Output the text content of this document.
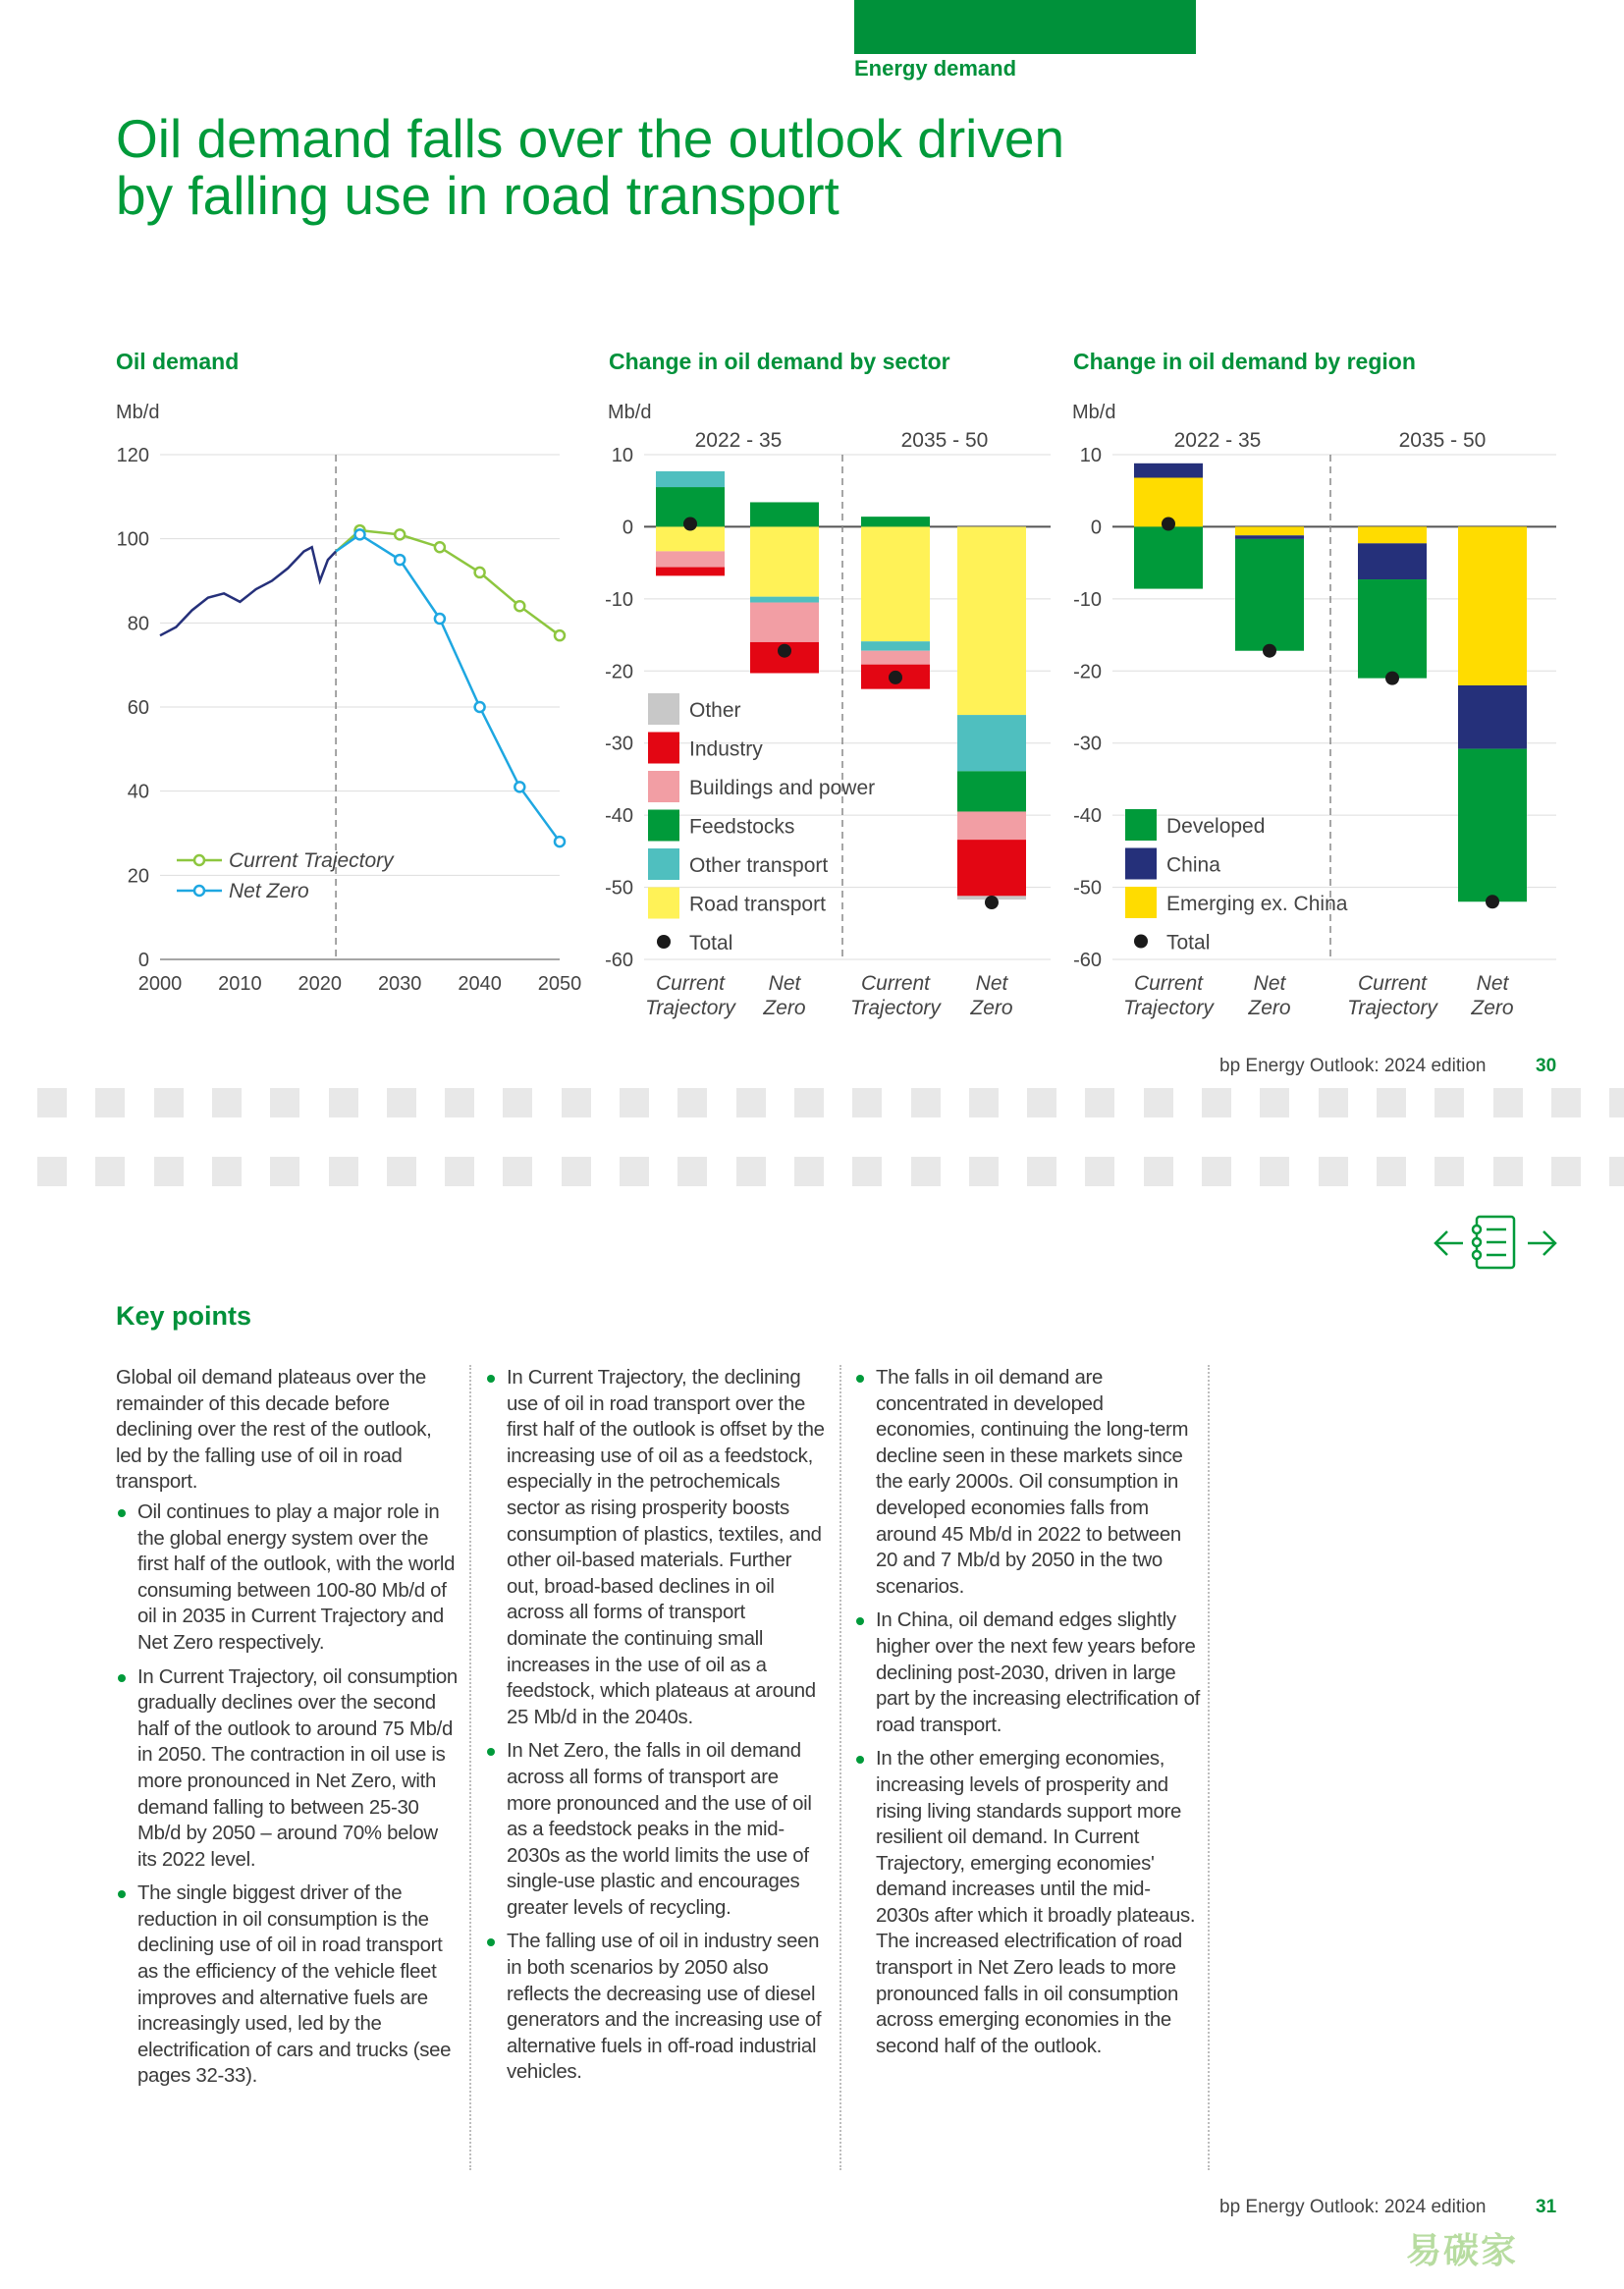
Energy demand
Oil demand falls over the outlook driven
by falling use in road transport
Oil demand	Change in oil demand by sector	Change in oil demand by region
Mb/d
0
20
40
60
80
100
120
2000 2010 2020 2030 2040 2050
Current Trajectory
Net Zero
Mb/d
10
0
-10
-20
-30
-40
-50
-60
2022 - 35	2035 - 50
Current
Trajectory
Net
Zero
Current
Trajectory
Net
Zero
Other
Industry
Buildings and power
Feedstocks
Other transport
Road transport
Total
Mb/d
10
0
-10
-20
-30
-40
-50
-60
2022 - 35	2035 - 50
Current
Trajectory
Net
Zero
Current
Trajectory
Net
Zero
Developed
China
Emerging ex. China
Total
bp Energy Outlook: 2024 edition	30
Key points

Global oil demand plateaus over the remainder of this decade before declining over the rest of the outlook, led by the falling use of oil in road transport.

Oil continues to play a major role in the global energy system over the first half of the outlook, with the world consuming between 100-80 Mb/d of oil in 2035 in Current Trajectory and Net Zero respectively.
In Current Trajectory, oil consumption gradually declines over the second half of the outlook to around 75 Mb/d in 2050. The contraction in oil use is more pronounced in Net Zero, with demand falling to between 25-30 Mb/d by 2050 – around 70% below its 2022 level.
The single biggest driver of the reduction in oil consumption is the declining use of oil in road transport as the efficiency of the vehicle fleet improves and alternative fuels are increasingly used, led by the electrification of cars and trucks (see pages 32-33).
In Current Trajectory, the declining use of oil in road transport over the first half of the outlook is offset by the increasing use of oil as a feedstock, especially in the petrochemicals sector as rising prosperity boosts consumption of plastics, textiles, and other oil-based materials. Further out, broad-based declines in oil across all forms of transport dominate the continuing small increases in the use of oil as a feedstock, which plateaus at around 25 Mb/d in the 2040s.
In Net Zero, the falls in oil demand across all forms of transport are more pronounced and the use of oil as a feedstock peaks in the mid-2030s as the world limits the use of single-use plastic and encourages greater levels of recycling.
The falling use of oil in industry seen in both scenarios by 2050 also reflects the decreasing use of diesel generators and the increasing use of alternative fuels in off-road industrial vehicles.
The falls in oil demand are concentrated in developed economies, continuing the long-term decline seen in these markets since the early 2000s. Oil consumption in developed economies falls from around 45 Mb/d in 2022 to between 20 and 7 Mb/d by 2050 in the two scenarios.
In China, oil demand edges slightly higher over the next few years before declining post-2030, driven in large part by the increasing electrification of road transport.
In the other emerging economies, increasing levels of prosperity and rising living standards support more resilient oil demand. In Current Trajectory, emerging economies' demand increases until the mid-2030s after which it broadly plateaus. The increased electrification of road transport in Net Zero leads to more pronounced falls in oil consumption across emerging economies in the second half of the outlook.
bp Energy Outlook: 2024 edition	31
易碳家
